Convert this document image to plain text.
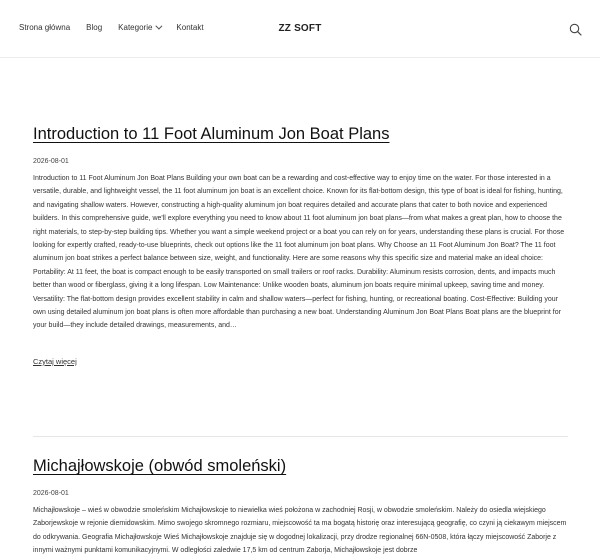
Strona główna Blog Kategorie	Kontakt	ZZ SOFT
Introduction to 11 Foot Aluminum Jon Boat Plans
2026-08-01
Introduction to 11 Foot Aluminum Jon Boat Plans Building your own boat can be a rewarding and cost-effective way to enjoy time on the water. For those interested in a versatile, durable, and lightweight vessel, the 11 foot aluminum jon boat is an excellent choice. Known for its flat-bottom design, this type of boat is ideal for fishing, hunting, and navigating shallow waters. However, constructing a high-quality aluminum jon boat requires detailed and accurate plans that cater to both novice and experienced builders. In this comprehensive guide, we'll explore everything you need to know about 11 foot aluminum jon boat plans—from what makes a great plan, how to choose the right materials, to step-by-step building tips. Whether you want a simple weekend project or a boat you can rely on for years, understanding these plans is crucial. For those looking for expertly crafted, ready-to-use blueprints, check out options like the 11 foot aluminum jon boat plans. Why Choose an 11 Foot Aluminum Jon Boat? The 11 foot aluminum jon boat strikes a perfect balance between size, weight, and functionality. Here are some reasons why this specific size and material make an ideal choice: Portability: At 11 feet, the boat is compact enough to be easily transported on small trailers or roof racks. Durability: Aluminum resists corrosion, dents, and impacts much better than wood or fiberglass, giving it a long lifespan. Low Maintenance: Unlike wooden boats, aluminum jon boats require minimal upkeep, saving time and money. Versatility: The flat-bottom design provides excellent stability in calm and shallow waters—perfect for fishing, hunting, or recreational boating. Cost-Effective: Building your own using detailed aluminum jon boat plans is often more affordable than purchasing a new boat. Understanding Aluminum Jon Boat Plans Boat plans are the blueprint for your build—they include detailed drawings, measurements, and…
Czytaj więcej
Michajłowskoje (obwód smoleński)
2026-08-01
Michajłowskoje – wieś w obwodzie smoleńskim Michajłowskoje to niewielka wieś położona w zachodniej Rosji, w obwodzie smoleńskim. Należy do osiedla wiejskiego Zaborjewskoje w rejonie diemidowskim. Mimo swojego skromnego rozmiaru, miejscowość ta ma bogatą historię oraz interesującą geografię, co czyni ją ciekawym miejscem do odkrywania. Geografia Michajłowskoje Wieś Michajłowskoje znajduje się w dogodnej lokalizacji, przy drodze regionalnej 66N-0508, która łączy miejscowość Zaborje z innymi ważnymi punktami komunikacyjnymi. W odległości zaledwie 17,5 km od centrum Zaborja, Michajłowskoje jest dobrze
